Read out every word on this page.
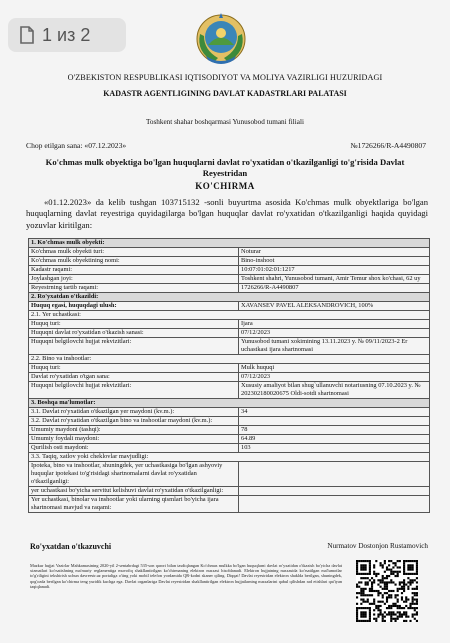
1 из 2
O'ZBEKISTON RESPUBLIKASI IQTISODIYOT VA MOLIYA VAZIRLIGI HUZURIDAGI
KADASTR AGENTLIGINING DAVLAT KADASTRLARI PALATASI
Toshkent shahar boshqarmasi Yunusobod tumani filiali
Chop etilgan sana: «07.12.2023»	№1726266/R-A4490807
Ko'chmas mulk obyektiga bo'lgan huquqlarni davlat ro'yxatidan o'tkazilganligi to'g'risida Davlat Reyestridan
KO'CHIRMA
«01.12.2023» da kelib tushgan 103715132 -sonli buyurtma asosida Ko'chmas mulk obyektlariga bo'lgan huquqlarning davlat reyestriga quyidagilarga bo'lgan huquqlar davlat ro'yxatidan o'tkazilganligi haqida quyidagi yozuvlar kiritilgan:
1. Ko'chmas mulk obyekti:	
Ko'chmas mulk obyekti turi:	Noturar
Ko'chmas mulk obyektining nomi:	Bino-inshoot
Kadastr raqami:	10:07:01:02:01:1217
Joylashgan joyi:	Toshkent shahri, Yunusobod tumani, Amir Temur shox ko'chasi, 62 uy
Reyestrning tartib raqami:	1726266/R-A4490807
2. Ro'yxatdan o'tkazildi:	
Huquq egasi, huquqdagi ulush:	XAVANSEV PAVEL ALEKSANDROVICH, 100%
2.1. Yer uchastkasi:	
Huquq turi:	Ijara
Huquqni davlat ro'yxatidan o'tkazish sanasi:	07/12/2023
Huquqni belgilovchi hujjat rekvizitlari:	Yunusobod tumani xokimining 13.11.2023 y. № 09/11/2023-2 Er uchastkasi ijara shartnomasi
2.2. Bino va inshootlar:	
Huquq turi:	Mulk huquqi
Davlat ro'yxatidan o'tgan sana:	07/12/2023
Huquqni belgilovchi hujjat rekvizitlari:	Xususiy amaliyot bilan shug`ullanuvchi notariusning 07.10.2023 y. № 202302180020675 Oldi-sotdi shartnomasi
3. Boshqa ma'lumotlar:	
3.1. Davlat ro'yxatidan o'tkazilgan yer maydoni (kv.m.):	34
3.2. Davlat ro'yxatidan o'tkazilgan bino va inshootlar maydoni (kv.m.):	
Umumiy maydoni (tashqi):	78
Umumiy foydali maydoni:	64.89
Qurilish osti maydoni:	103
3.3. Taqiq, xatlov yoki cheklovlar mavjudligi:	
Ipoteka, bino va inshootlar, shuningdek, yer uchastkasiga bo'lgan ashyoviy huquqlar ipotekasi to'g'risidagi shartnomalarni davlat ro'yxatidan o'tkazilganligi:	
yer uchastkasi bo'yicha servitut kelishuvi davlat ro'yxatidan o'tkazilganligi:	
Yer uchastkasi, binolar va inshootlar yoki ularning qismlari bo'yicha ijara shartnomasi mavjud va raqami:	
Ro'yxatdan o'tkazuvchi	Nurmatov Dostonjon Rustamovich
Mazkur hujjat Vazirlar Mahkamasining 2020-yil 2-sentabrdagi 535-son qarori bilan tasdiqlangan Ko'chmas mulkka bo'lgan huquqlarni davlat ro'yxatidan o'tkazish bo'yicha davlat xizmatlari ko'rsatishning ma'muriy reglamentiga muvofiq shakllantirilgan ko'chirmaning elektron nusxasi hisoblanadi. Elektron hujjatning nusxasida ko'rsatilgan ma'lumotlar to'g'riligini tekshirish uchun davreestr.uz portaliga o'ting yoki mobil telefon yordamida QR-kodni skaner qiling. Diqqat! Davlat reyestridan elektron shaklda berilgan, shuningdek, qog'ozda berilgan ko'chirma teng yuridik kuchga ega. Davlat organlariga Davlat reyestridan shakllantirilgan elektron hujjatlarning nusxalarini qabul qilishdan rad etishlari qat'iyan taqiqlanadi.
